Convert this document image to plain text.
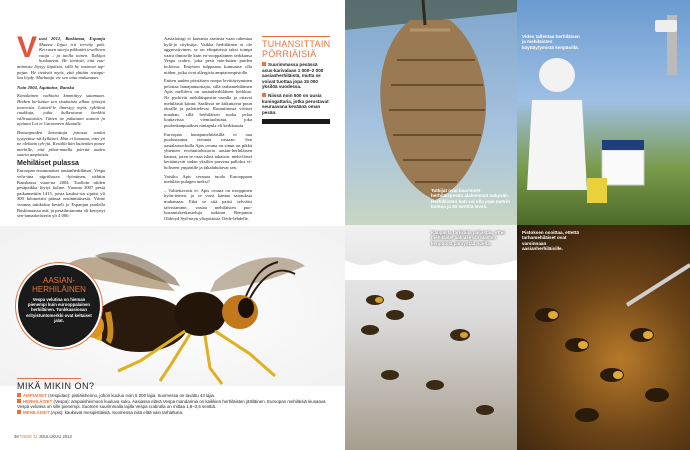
V uosi 2012, Baskimaa, Espanja Mausse Iojuu trit tervitty pää. Kerrasen saa-ja pikkutäit trvallinen vaaja – ja tuolla toinen. Tutkijat huokaavat. He tietävät, että ruu-mimosia löytyy läpäisin, sillä he rastovat tup-pajan. He tietävät myös, että yhtään ristapu-laa löydy. Murhaaja vie sen aina mukanaan.
Noin 2004, Aquitaine, Ranska
Kimalainen vaihtaisi kimmittyy satamaan. Hetken ku-luttua sen sisukaista alkaa työntyä tuoreesta. Laitteil-le ilmestyy myös ryköltnä ruukkuja, jotka kulkeutuvat herkkiä väliruutuisiin. Tätten ne pakataan autoon ja ajetaan Lot et Garonneen kkaaalle.
Bonsaipuiden kasvattaja jonossa vaalat tyytyväise-nä kylläiset. Hän ei huomaa, ettei yö ne olekaan tyh-jiä. Kesällä hän kuitenkin panee merkille, että pihat-maalla pörrää uuden saarta ampiaista.
Mehiläiset pulassa
Euroopan ensimmäiset aasianherhiläiset, Vespa velu-tina nigrithorax -lyöntinen, nähtiin Ranskassa vuon-na 2004. Tuolloin niiden pesäpaikka löytyi kolme. Vuonna 2007 pesiä paikannettiin 1415, joista kauksi-sin sijaitsi yli 300 kilometrin päässä ensimmäisestä. Viime vuonna tukikokta kesteli jo Espanjan puolella Baskimaassa asti, ja pesäilmiaronta oli kertynyt sen-tamarkeisterin yli 4 000.
Aasialaisigi ei karsanta asetusta vaan rakentaa kylä-ja cityksiija. Vaikka herhiläinen ei ole aggressiivinen, se on elinpiirissä taksi toimpt vaara ihmiselle kuin eu-rooppalainen serkkansa Vespa crabro, joka pesii mie-luiten puiden koloissa. Entyisen tulppaana kumuatse olla niiden, jotka ovat allergisia ampiaisenpistolle.
Eniten uuden pörriäisen noopa levittäytyminen pelottaa hunajantuottajia, sillä tarhamehiläinen Apis mellifera on aasianherhiläisen herkkua. Ne pyrkivät mehiläispesiin usealla ja ottavat mehiläisiä kiinni. Saaliissa ne kiikuttavat puun oksalle ja paloittelevat. Ruumiinosia viritset muahan, sillä herhiläisen ruoka pelaa luuttavissa viemtuohsissa, joka puolenkanpiaäkset nintapula eli kerkkausta.
Euroopan hunajamehiläisillä ei oaa puolustautua vieraata vastaan. Sen aasialaisserkulla Apis cerana on sinun on pikkä yhteinen evoluutiohistoria aasian-herhiläisen kanssa, joten se osaa iskeä takaisin: mehi-läiset kerääntyvät sadan yksilön parvena palloksi vi-holiseen ympärille ja tukahduttavat sen.
Vaisiko Apis ceranaa tuoda Eurooppaan mehiläis-pulagen tueksi?
– Valitettavasti ei. Apis cerana on trooppinen hyön-teinen, ja se voisi kantaa sairauksia mukanaan. Eikä se sitä paitsi selviäisi talvistamme, vastaa mehiläisten puo-lustamiskeskusteluja tutkinut Benjamin Oldroyd Syd-neyn yliopistosta Tiede-lehdelle.
TUHANSITTAIN
PÖRRIÄISIÄ
Suurimmassa pesässä asus-karivalaan 1 000–2 000 aasianherhiläistä, mutta se voivat tuottaa jopa 15 000 yksilöä vuodessa.
Niissä noin 500 on uusia kuningattaria, jotka perustavat seuraavana keväänä oman pesän.
AASIAN-
HERHILÄINEN
Vespa velutina on hieman pienempi kuin eurooppalainen herhiläinen. Tunkkaasiosan erityistuntomerkki ovat keltaiset jalat.
MIKÄ MIKIN ON?
AMPIAISET (Vespidae): pistiäisheimo, johon kuuluu noin 5 000 lajia. Suomessa on tavattu 43 lajia.
HERHILÄISET (Vespa): ampiaisheimoon kuuluva suku. Aasiassa elävä Vespa mandarinia on kaikkien herhiläisten jättiläinen. Euroopan mehiläisiä kiusaava Vespa velutina on sille pienempi. Suomen suurimmalla lajilla Vespa crabrolla on mittaa 1,8–3,5 senttiä.
MEHILÄISET (Apis): kaukavat mesipistiäisiä. Suomessa niitä elää vain tarhattuna.
38 TIEDE 11 JOULUKUU 2013
Tutkijat ovat kaarimeet herhiläispesän alakemmat nakyvän. Herhiläisten koti voi olla jopa metrin korkea ja 80 senttiä leveä.
Video tallentaa herhiläisen ja mehiläisten käyttäytymistä kenpäoillä.
Kaupasta tarkkaila paljastaa, ettei mehiläiset aakaisessa alasten kenpäoitä pärvystää noelta.
Pistoksen osoittaa, ettettä tarhamehiläiset ovat varsinnaan aasianherhiläisille.
